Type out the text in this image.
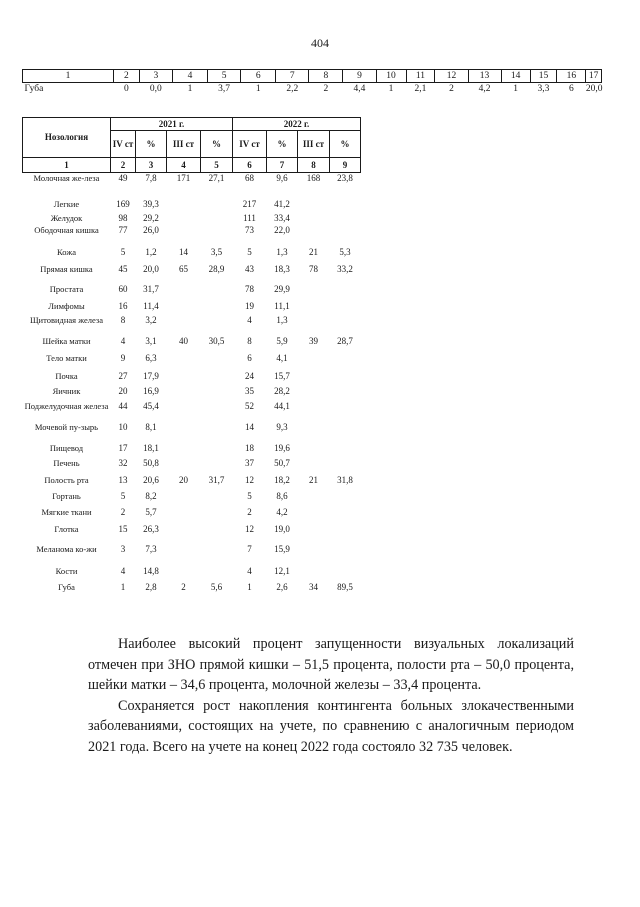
404
1	2	3	4	5	6	7	8	9	10	11	12	13	14	15	16	17
Губа	0	0,0	1	3,7	1	2,2	2	4,4	1	2,1	2	4,2	1	3,3	6	20,0
Нозология	2021 г.				2022 г.			
	IV ст	%	III ст	%	IV ст	%	III ст	%
1	2	3	4	5	6	7	8	9
Молочная же-лeза	49	7,8	171	27,1	68	9,6	168	23,8
Легкие	169	39,3			217	41,2		
Желудок	98	29,2			111	33,4		
Ободочная кишка	77	26,0			73	22,0		
Кожа	5	1,2	14	3,5	5	1,3	21	5,3
Прямая кишка	45	20,0	65	28,9	43	18,3	78	33,2
Простата	60	31,7			78	29,9		
Лимфомы	16	11,4			19	11,1		
Щитовидная железа	8	3,2			4	1,3		
Шейка матки	4	3,1	40	30,5	8	5,9	39	28,7
Тело матки	9	6,3			6	4,1		
Почка	27	17,9			24	15,7		
Яичник	20	16,9			35	28,2		
Поджелудочная железа	44	45,4			52	44,1		
Мочевой пу-зырь	10	8,1			14	9,3		
Пищевод	17	18,1			18	19,6		
Печень	32	50,8			37	50,7		
Полость рта	13	20,6	20	31,7	12	18,2	21	31,8
Гортань	5	8,2			5	8,6		
Мягкие ткани	2	5,7			2	4,2		
Глотка	15	26,3			12	19,0		
Меланома ко-жи	3	7,3			7	15,9		
Кости	4	14,8			4	12,1		
Губа	1	2,8	2	5,6	1	2,6	34	89,5

Наиболее высокий процент запущенности визуальных локализаций отмечен при ЗНО прямой кишки – 51,5 процента, полости рта – 50,0 процента, шейки матки – 34,6 процента, молочной железы – 33,4 процента.

Сохраняется рост накопления контингента больных злокачественными заболеваниями, состоящих на учете, по сравнению с аналогичным периодом 2021 года. Всего на учете на конец 2022 года состояло 32 735 человек.
